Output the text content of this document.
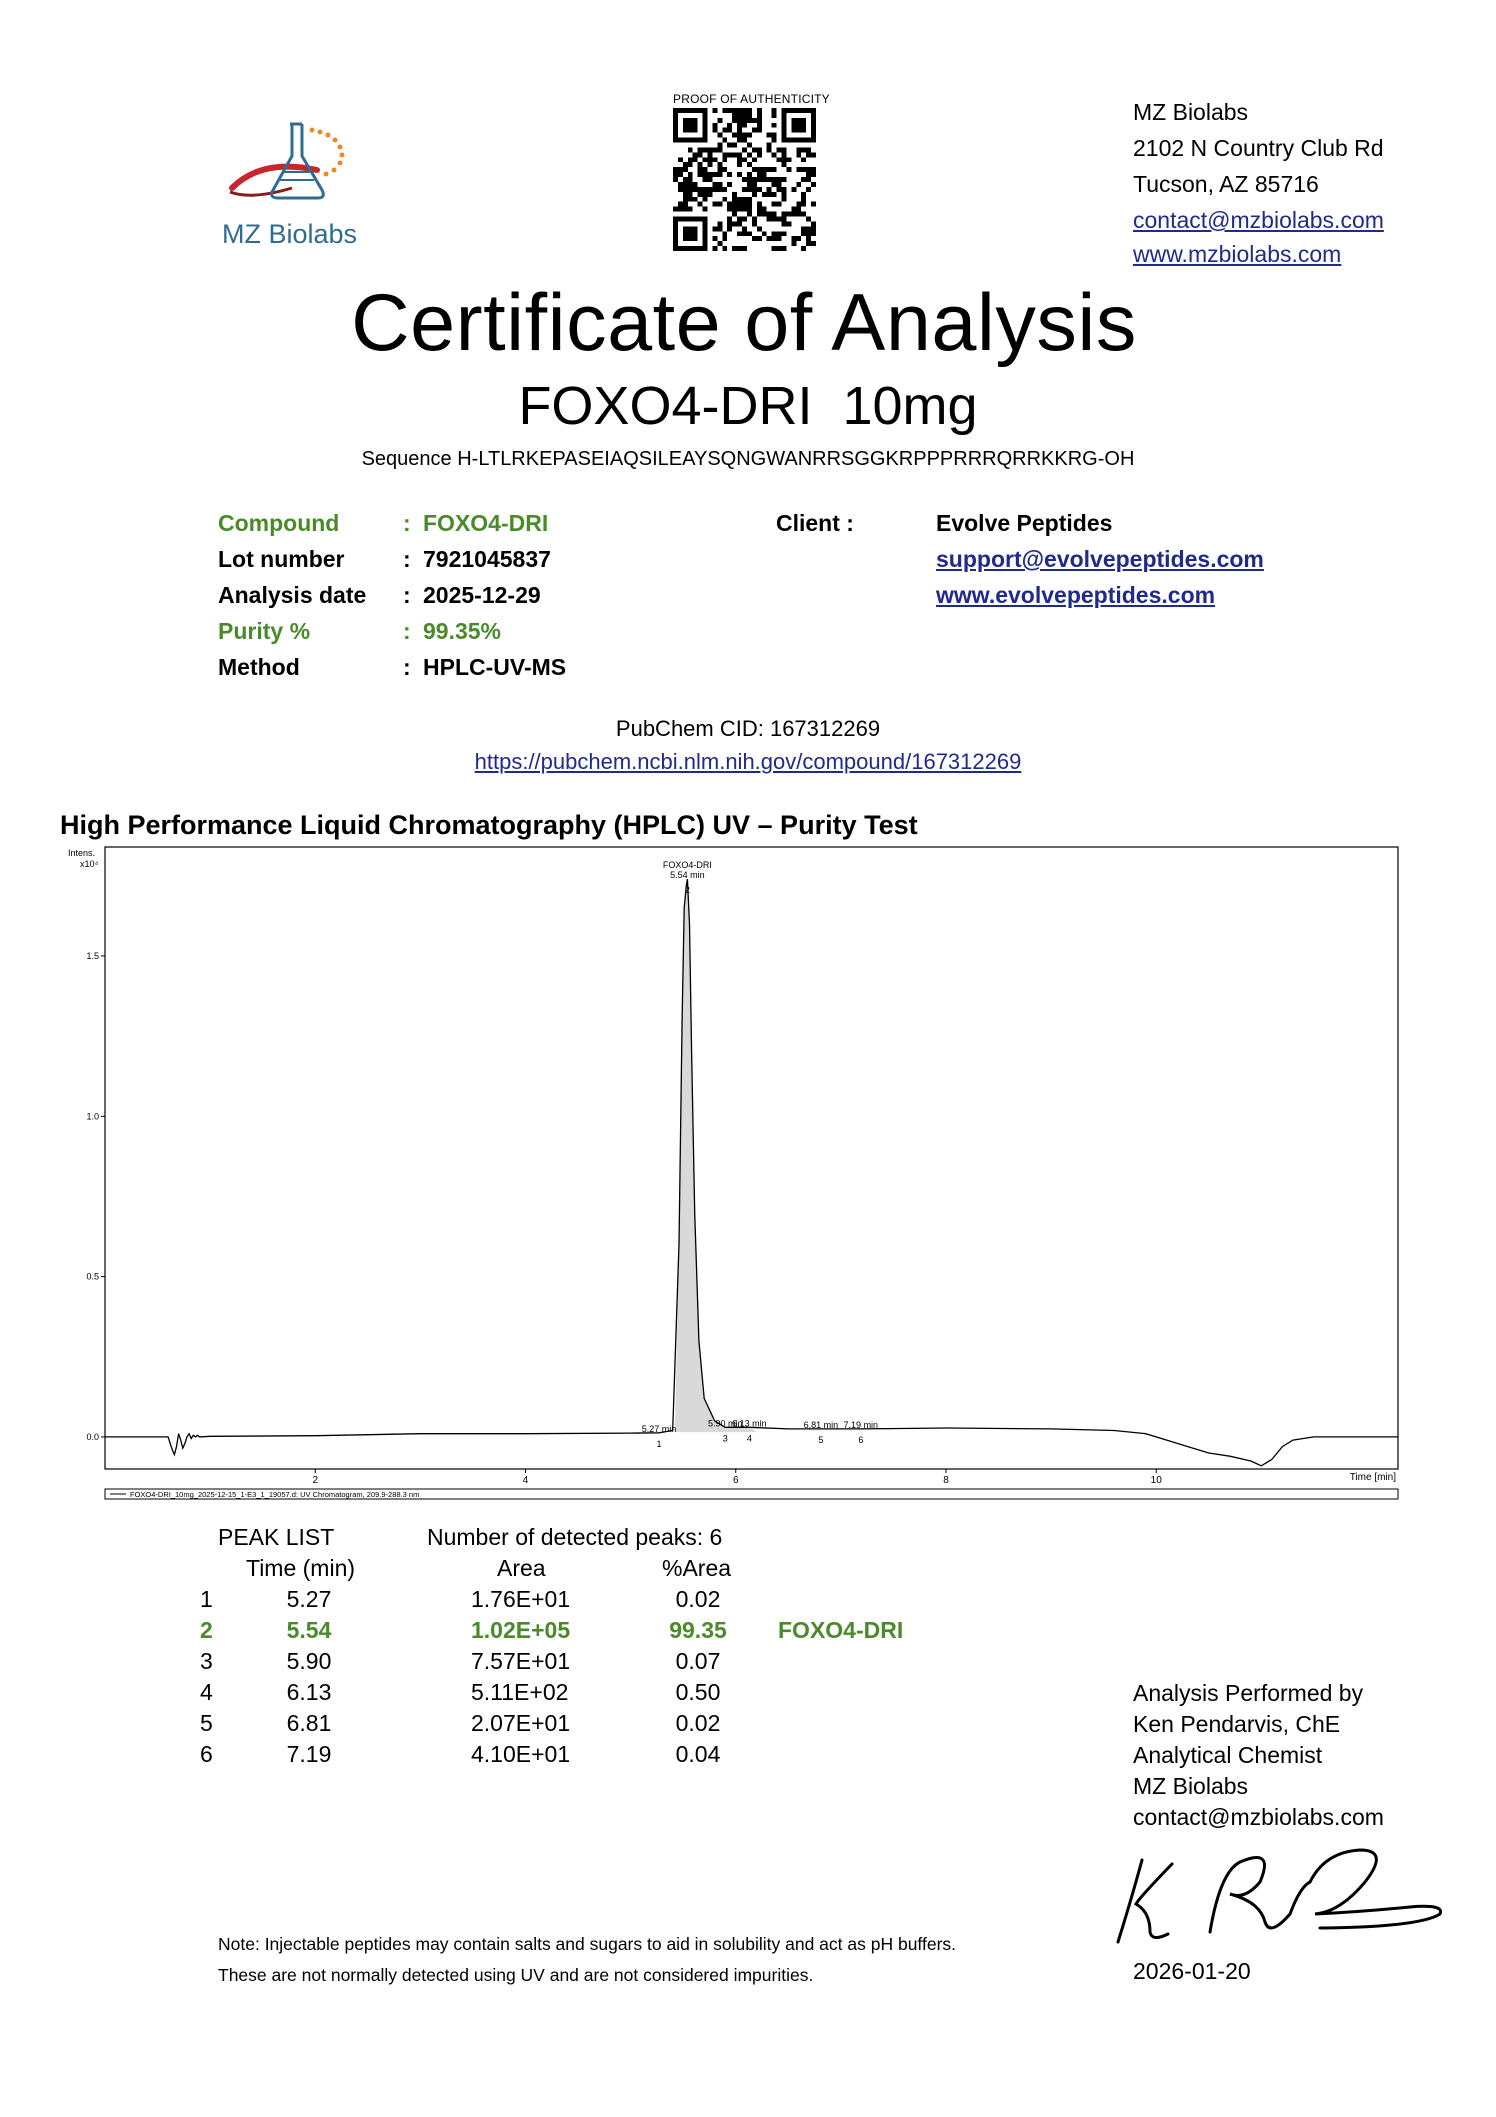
MZ Biolabs
PROOF OF AUTHENTICITY	MZ Biolabs
2102 N Country Club Rd
Tucson, AZ 85716
contact@mzbiolabs.com
www.mzbiolabs.com
Certificate of Analysis
FOXO4-DRI  10mg
Sequence H-LTLRKEPASEIAQSILEAYSQNGWANRRSGGKRPPPRRRQRRKKRG-OH
Compound	: FOXO4-DRI
Lot number	: 7921045837
Analysis date	: 2025-12-29
Purity %	: 99.35%
Method	: HPLC-UV-MS
Client :	Evolve Peptides
support@evolvepeptides.com
www.evolvepeptides.com
PubChem CID: 167312269
https://pubchem.ncbi.nlm.nih.gov/compound/167312269
High Performance Liquid Chromatography (HPLC) UV – Purity Test
0.0
0.5
1.0
1.5
2	4	6	8	10
5.27 min
1
FOXO4-DRI
5.54 min
2
5.90 min
3
6.13 min
4
6.81 min
5
7.19 min
6
Intens.
x10⁴
Time [min]
FOXO4-DRI_10mg_2025-12-15_1-E3_1_19057.d: UV Chromatogram, 209.9-288.3 nm
PEAK LIST	Number of detected peaks: 6
Time (min)	Area	%Area
1	5.27	1.76E+01	0.02
2	5.54	1.02E+05	99.35 FOXO4-DRI
3	5.90	7.57E+01	0.07
4	6.13	5.11E+02	0.50
5	6.81	2.07E+01	0.02
6	7.19	4.10E+01	0.04
Analysis Performed by
Ken Pendarvis, ChE
Analytical Chemist
MZ Biolabs
contact@mzbiolabs.com
2026-01-20
Note: Injectable peptides may contain salts and sugars to aid in solubility and act as pH buffers.
These are not normally detected using UV and are not considered impurities.
